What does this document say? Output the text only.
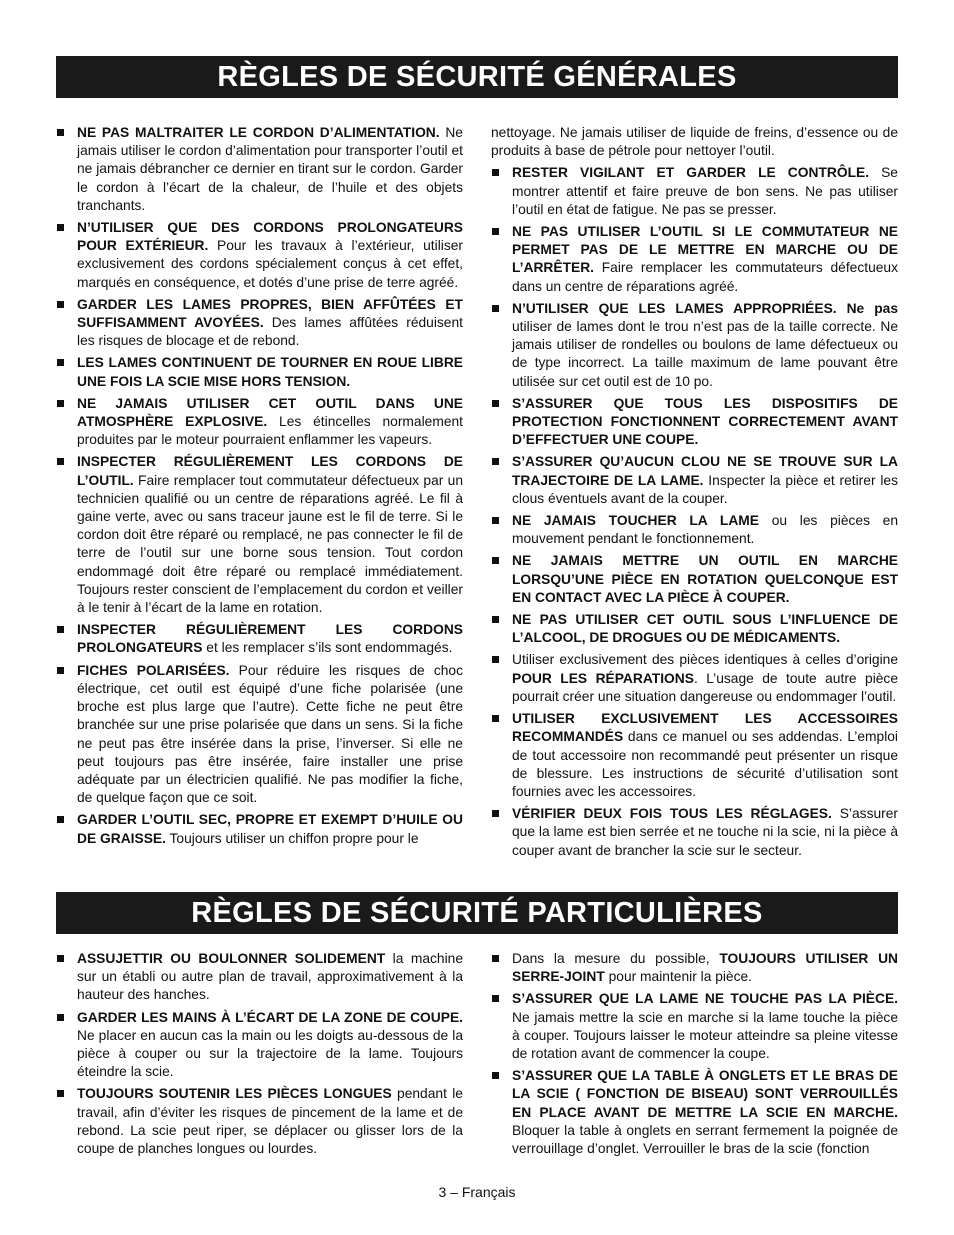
RÈGLES DE SÉCURITÉ GÉNÉRALES
NE PAS MALTRAITER LE CORDON D’ALIMENTATION. Ne jamais utiliser le cordon d’alimentation pour transporter l’outil et ne jamais débrancher ce dernier en tirant sur le cordon. Garder le cordon à l’écart de la chaleur, de l’huile et des objets tranchants.
N’UTILISER QUE DES CORDONS PROLONGATEURS POUR EXTÉRIEUR. Pour les travaux à l’extérieur, utiliser exclusivement des cordons spécialement conçus à cet effet, marqués en conséquence, et dotés d’une prise de terre agréé.
GARDER LES LAMES PROPRES, BIEN AFFÛTÉES ET SUFFISAMMENT AVOYÉES. Des lames affûtées réduisent les risques de blocage et de rebond.
LES LAMES CONTINUENT DE TOURNER EN ROUE LIBRE UNE FOIS LA SCIE MISE HORS TENSION.
NE JAMAIS UTILISER CET OUTIL DANS UNE ATMOSPHÈRE EXPLOSIVE. Les étincelles normalement produites par le moteur pourraient enflammer les vapeurs.
INSPECTER RÉGULIÈREMENT LES CORDONS DE L’OUTIL. Faire remplacer tout commutateur défectueux par un technicien qualifié ou un centre de réparations agréé. Le fil à gaine verte, avec ou sans traceur jaune est le fil de terre. Si le cordon doit être réparé ou remplacé, ne pas connecter le fil de terre de l’outil sur une borne sous tension. Tout cordon endommagé doit être réparé ou remplacé immédiatement. Toujours rester conscient de l’emplacement du cordon et veiller à le tenir à l’écart de la lame en rotation.
INSPECTER RÉGULIÈREMENT LES CORDONS PROLONGATEURS et les remplacer s’ils sont endommagés.
FICHES POLARISÉES. Pour réduire les risques de choc électrique, cet outil est équipé d’une fiche polarisée (une broche est plus large que l’autre). Cette fiche ne peut être branchée sur une prise polarisée que dans un sens. Si la fiche ne peut pas être insérée dans la prise, l’inverser. Si elle ne peut toujours pas être insérée, faire installer une prise adéquate par un électricien qualifié. Ne pas modifier la fiche, de quelque façon que ce soit.
GARDER L’OUTIL SEC, PROPRE ET EXEMPT D’HUILE OU DE GRAISSE. Toujours utiliser un chiffon propre pour le
nettoyage. Ne jamais utiliser de liquide de freins, d’essence ou de produits à base de pétrole pour nettoyer l’outil.
RESTER VIGILANT ET GARDER LE CONTRÔLE. Se montrer attentif et faire preuve de bon sens. Ne pas utiliser l’outil en état de fatigue. Ne pas se presser.
NE PAS UTILISER L’OUTIL SI LE COMMUTATEUR NE PERMET PAS DE LE METTRE EN MARCHE OU DE L’ARRÊTER. Faire remplacer les commutateurs défectueux dans un centre de réparations agréé.
N’UTILISER QUE LES LAMES APPROPRIÉES. Ne pas utiliser de lames dont le trou n’est pas de la taille correcte. Ne jamais utiliser de rondelles ou boulons de lame défectueux ou de type incorrect. La taille maximum de lame pouvant être utilisée sur cet outil est de 10 po.
S’ASSURER QUE TOUS LES DISPOSITIFS DE PROTECTION FONCTIONNENT CORRECTEMENT AVANT D’EFFECTUER UNE COUPE.
S’ASSURER QU’AUCUN CLOU NE SE TROUVE SUR LA TRAJECTOIRE DE LA LAME. Inspecter la pièce et retirer les clous éventuels avant de la couper.
NE JAMAIS TOUCHER LA LAME ou les pièces en mouvement pendant le fonctionnement.
NE JAMAIS METTRE UN OUTIL EN MARCHE LORSQU’UNE PIÈCE EN ROTATION QUELCONQUE EST EN CONTACT AVEC LA PIÈCE À COUPER.
NE PAS UTILISER CET OUTIL SOUS L’INFLUENCE DE L’ALCOOL, DE DROGUES OU DE MÉDICAMENTS.
Utiliser exclusivement des pièces identiques à celles d’origine POUR LES RÉPARATIONS. L’usage de toute autre pièce pourrait créer une situation dangereuse ou endommager l’outil.
UTILISER EXCLUSIVEMENT LES ACCESSOIRES RECOMMANDÉS dans ce manuel ou ses addendas. L’emploi de tout accessoire non recommandé peut présenter un risque de blessure. Les instructions de sécurité d’utilisation sont fournies avec les accessoires.
VÉRIFIER DEUX FOIS TOUS LES RÉGLAGES. S’assurer que la lame est bien serrée et ne touche ni la scie, ni la pièce à couper avant de brancher la scie sur le secteur.
RÈGLES DE SÉCURITÉ PARTICULIÈRES
ASSUJETTIR OU BOULONNER SOLIDEMENT la machine sur un établi ou autre plan de travail, approximativement à la hauteur des hanches.
GARDER LES MAINS À L’ÉCART DE LA ZONE DE COUPE. Ne placer en aucun cas la main ou les doigts au-dessous de la pièce à couper ou sur la trajectoire de la lame. Toujours éteindre la scie.
TOUJOURS SOUTENIR LES PIÈCES LONGUES pendant le travail, afin d’éviter les risques de pincement de la lame et de rebond. La scie peut riper, se déplacer ou glisser lors de la coupe de planches longues ou lourdes.
Dans la mesure du possible, TOUJOURS UTILISER UN SERRE-JOINT pour maintenir la pièce.
S’ASSURER QUE LA LAME NE TOUCHE PAS LA PIÈCE. Ne jamais mettre la scie en marche si la lame touche la pièce à couper. Toujours laisser le moteur atteindre sa pleine vitesse de rotation avant de commencer la coupe.
S’ASSURER QUE LA TABLE À ONGLETS ET LE BRAS DE LA SCIE ( FONCTION DE BISEAU) SONT VERROUILLÉS EN PLACE AVANT DE METTRE LA SCIE EN MARCHE. Bloquer la table à onglets en serrant fermement la poignée de verrouillage d’onglet. Verrouiller le bras de la scie (fonction
3 – Français
